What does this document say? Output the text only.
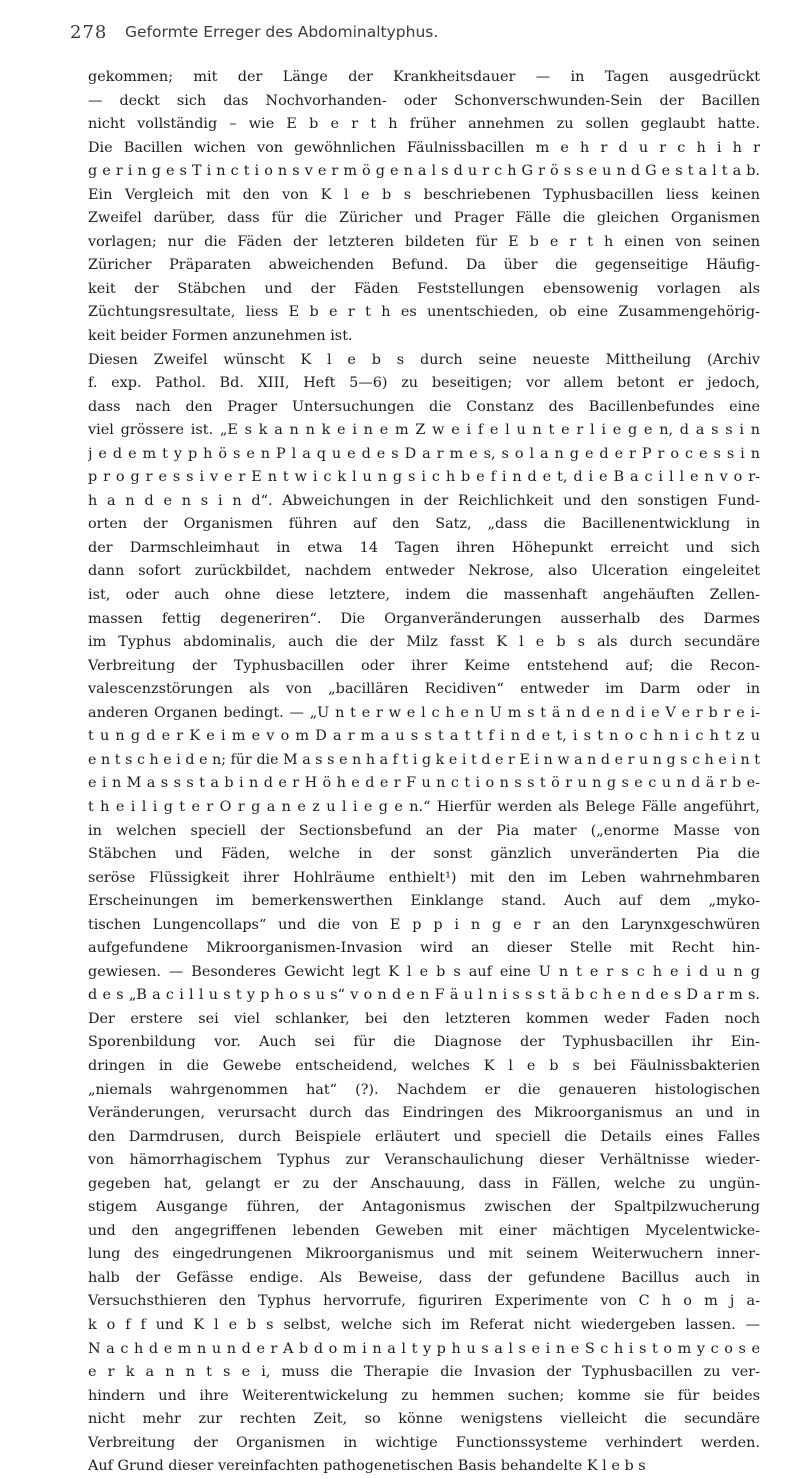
278 Geformte Erreger des Abdominaltyphus.
gekommen; mit der Länge der Krankheitsdauer — in Tagen ausgedrückt
— deckt sich das Nochvorhanden- oder Schonverschwunden-Sein der Bacillen
nicht vollständig – wie E b e r t h früher annehmen zu sollen geglaubt hatte.
Die Bacillen wichen von gewöhnlichen Fäulnissbacillen m e h r d u r c h i h r
g e r i n g e s T i n c t i o n s v e r m ö g e n a l s d u r c h G r ö s s e u n d G e s t a l t a b.
Ein Vergleich mit den von K l e b s beschriebenen Typhusbacillen liess keinen
Zweifel darüber, dass für die Züricher und Prager Fälle die gleichen Organismen
vorlagen; nur die Fäden der letzteren bildeten für E b e r t h einen von seinen
Züricher Präparaten abweichenden Befund. Da über die gegenseitige Häufig-
keit der Stäbchen und der Fäden Feststellungen ebensowenig vorlagen als
Züchtungsresultate, liess E b e r t h es unentschieden, ob eine Zusammengehörig-
keit beider Formen anzunehmen ist.
Diesen Zweifel wünscht K l e b s durch seine neueste Mittheilung (Archiv
f. exp. Pathol. Bd. XIII, Heft 5—6) zu beseitigen; vor allem betont er jedoch,
dass nach den Prager Untersuchungen die Constanz des Bacillenbefundes eine
viel grössere ist. „E s k a n n k e i n e m Z w e i f e l u n t e r l i e g e n, d a s s i n
j e d e m t y p h ö s e n P l a q u e d e s D a r m e s, s o l a n g e d e r P r o c e s s i n
p r o g r e s s i v e r E n t w i c k l u n g s i c h b e f i n d e t, d i e B a c i l l e n v o r-
h a n d e n s i n d“. Abweichungen in der Reichlichkeit und den sonstigen Fund-
orten der Organismen führen auf den Satz, „dass die Bacillenentwicklung in
der Darmschleimhaut in etwa 14 Tagen ihren Höhepunkt erreicht und sich
dann sofort zurückbildet, nachdem entweder Nekrose, also Ulceration eingeleitet
ist, oder auch ohne diese letztere, indem die massenhaft angehäuften Zellen-
massen fettig degeneriren“. Die Organveränderungen ausserhalb des Darmes
im Typhus abdominalis, auch die der Milz fasst K l e b s als durch secundäre
Verbreitung der Typhusbacillen oder ihrer Keime entstehend auf; die Recon-
valescenzstörungen als von „bacillären Recidiven“ entweder im Darm oder in
anderen Organen bedingt. — „U n t e r w e l c h e n U m s t ä n d e n d i e V e r b r e i-
t u n g d e r K e i m e v o m D a r m a u s s t a t t f i n d e t, i s t n o c h n i c h t z u
e n t s c h e i d e n; für die M a s s e n h a f t i g k e i t d e r E i n w a n d e r u n g s c h e i n t
e i n M a s s s t a b i n d e r H ö h e d e r F u n c t i o n s s t ö r u n g s e c u n d ä r b e-
t h e i l i g t e r O r g a n e z u l i e g e n.“ Hierfür werden als Belege Fälle angeführt,
in welchen speciell der Sectionsbefund an der Pia mater („enorme Masse von
Stäbchen und Fäden, welche in der sonst gänzlich unveränderten Pia die
seröse Flüssigkeit ihrer Hohlräume enthielt¹) mit den im Leben wahrnehmbaren
Erscheinungen im bemerkenswerthen Einklange stand. Auch auf dem „myko-
tischen Lungencollaps“ und die von E p p i n g e r an den Larynxgeschwüren
aufgefundene Mikroorganismen-Invasion wird an dieser Stelle mit Recht hin-
gewiesen. — Besonderes Gewicht legt K l e b s auf eine U n t e r s c h e i d u n g
d e s „B a c i l l u s t y p h o s u s“ v o n d e n F ä u l n i s s s t ä b c h e n d e s D a r m s.
Der erstere sei viel schlanker, bei den letzteren kommen weder Faden noch
Sporenbildung vor. Auch sei für die Diagnose der Typhusbacillen ihr Ein-
dringen in die Gewebe entscheidend, welches K l e b s bei Fäulnissbakterien
„niemals wahrgenommen hat“ (?). Nachdem er die genaueren histologischen
Veränderungen, verursacht durch das Eindringen des Mikroorganismus an und in
den Darmdrusen, durch Beispiele erläutert und speciell die Details eines Falles
von hämorrhagischem Typhus zur Veranschaulichung dieser Verhältnisse wieder-
gegeben hat, gelangt er zu der Anschauung, dass in Fällen, welche zu ungün-
stigem Ausgange führen, der Antagonismus zwischen der Spaltpilzwucherung
und den angegriffenen lebenden Geweben mit einer mächtigen Mycelentwicke-
lung des eingedrungenen Mikroorganismus und mit seinem Weiterwuchern inner-
halb der Gefässe endige. Als Beweise, dass der gefundene Bacillus auch in
Versuchsthieren den Typhus hervorrufe, figuriren Experimente von C h o m j a-
k o f f und K l e b s selbst, welche sich im Referat nicht wiedergeben lassen. —
N a c h d e m n u n d e r A b d o m i n a l t y p h u s a l s e i n e S c h i s t o m y c o s e
e r k a n n t s e i, muss die Therapie die Invasion der Typhusbacillen zu ver-
hindern und ihre Weiterentwickelung zu hemmen suchen; komme sie für beides
nicht mehr zur rechten Zeit, so könne wenigstens vielleicht die secundäre
Verbreitung der Organismen in wichtige Functionssysteme verhindert werden.
Auf Grund dieser vereinfachten pathogenetischen Basis behandelte K l e b s
